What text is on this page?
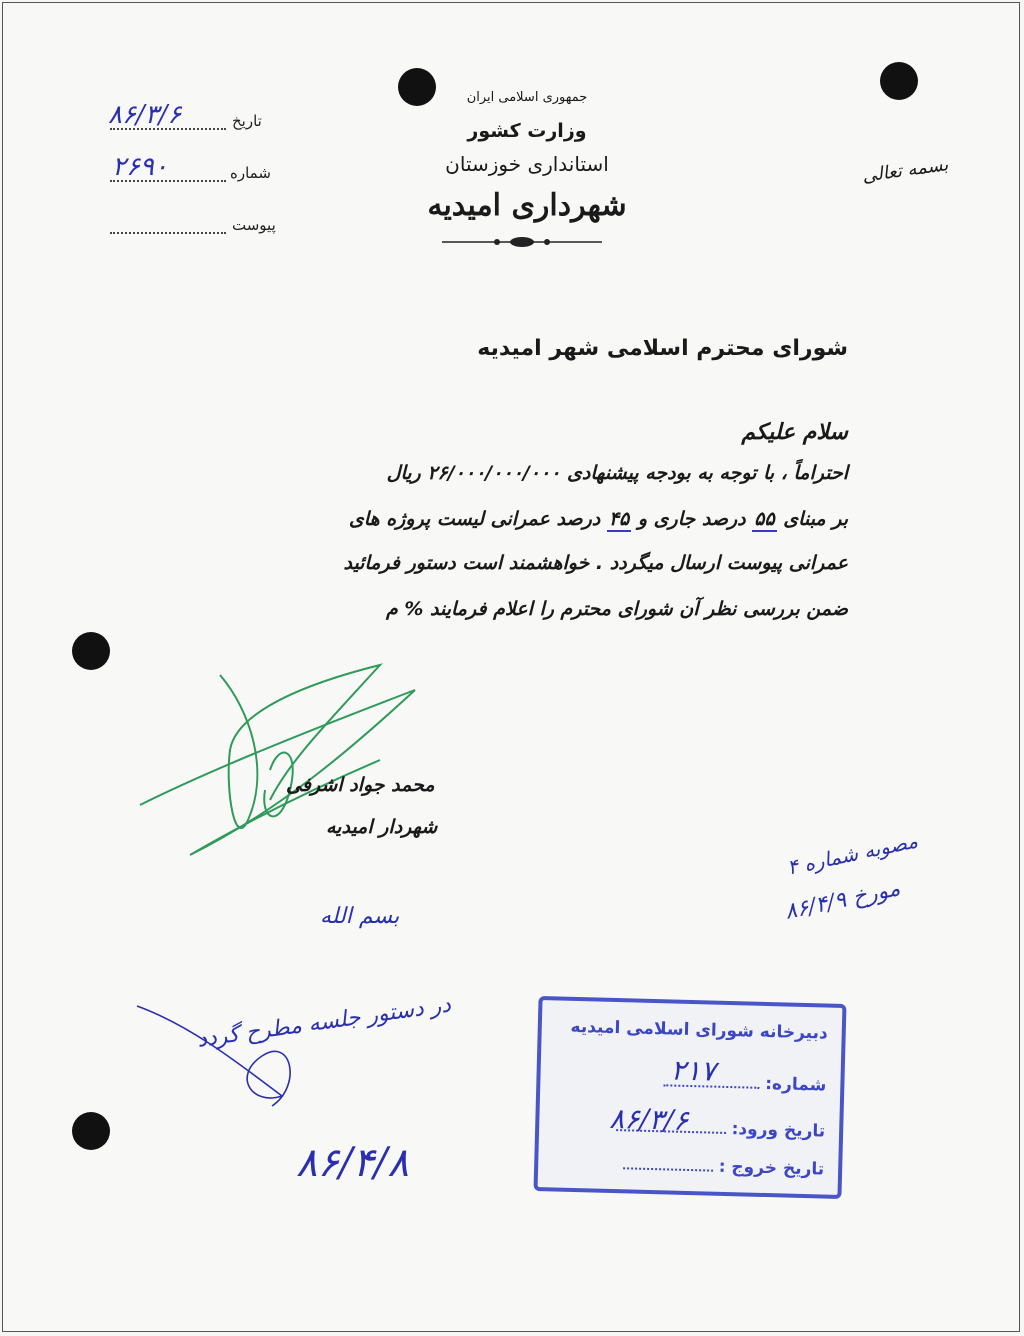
جمهوری اسلامی ایران
وزارت کشور
استانداری خوزستان
شهرداری امیدیه
بسمه تعالی
تاریخ
۸۶/۳/۶
شماره
۲۶۹۰
پیوست
شورای محترم اسلامی شهر امیدیه
سلام علیکم
احتراماً ، با توجه به بودجه پیشنهادی ۲۶/۰۰۰/۰۰۰/۰۰۰ ریال
بر مبنای ۵۵ درصد جاری و ۴۵ درصد عمرانی لیست پروژه های
عمرانی پیوست ارسال میگردد . خواهشمند است دستور فرمائید
ضمن بررسی نظر آن شورای محترم را اعلام فرمایند % م
محمد جواد اشرفی
شهردار امیدیه
مصوبه شماره ۴
مورخ ۸۶/۴/۹
بسم الله
در دستور جلسه مطرح گردد
۸۶/۴/۸
دبیرخانه شورای اسلامی امیدیه
شماره:
۲۱۷
تاریخ ورود:
۸۶/۳/۶
تاریخ خروج :
